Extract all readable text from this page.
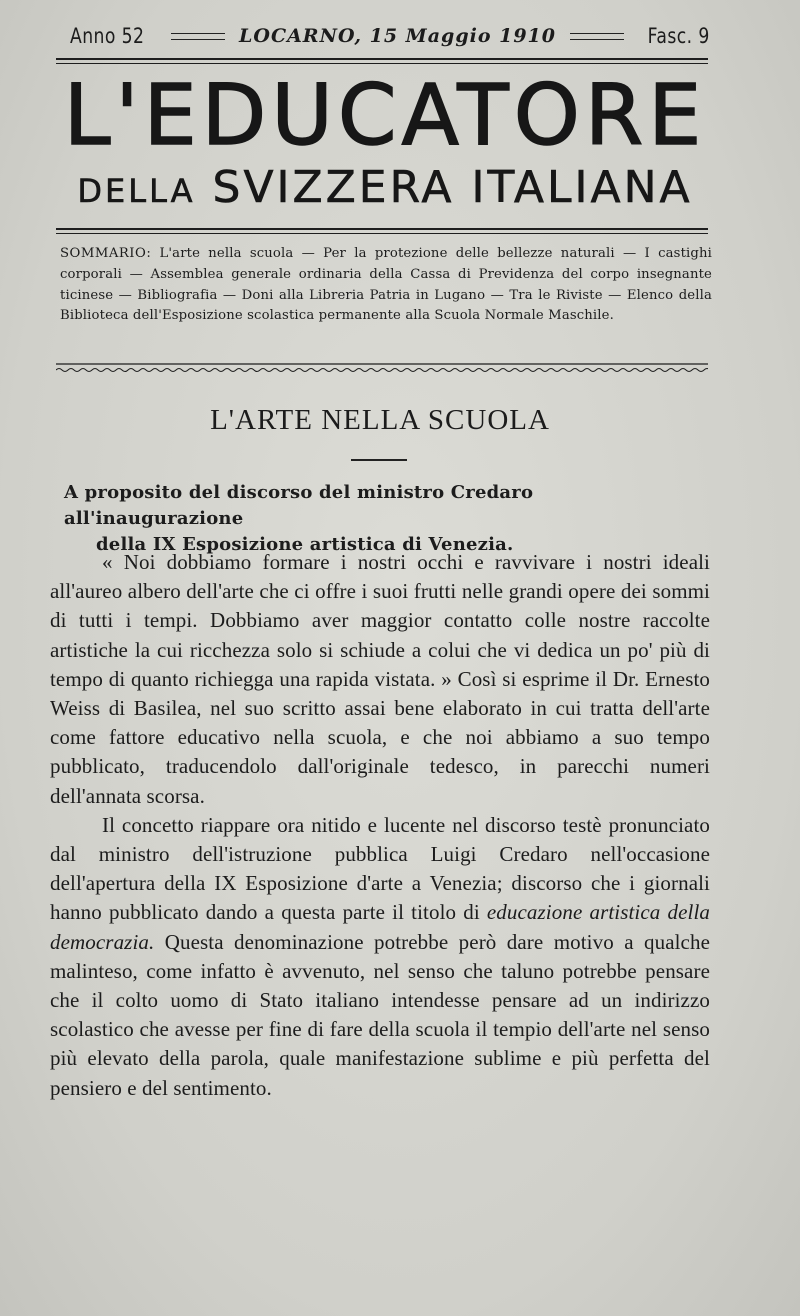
Anno 52	LOCARNO, 15 Maggio 1910	Fasc. 9
L'EDUCATORE
DELLA SVIZZERA ITALIANA
SOMMARIO: L'arte nella scuola — Per la protezione delle bellezze naturali — I castighi corporali — Assemblea generale ordinaria della Cassa di Previdenza del corpo insegnante ticinese — Bibliografia — Doni alla Libreria Patria in Lugano — Tra le Riviste — Elenco della Biblioteca dell'Esposizione scolastica permanente alla Scuola Normale Maschile.
L'ARTE NELLA SCUOLA
A proposito del discorso del ministro Credaro all'inaugurazione
della IX Esposizione artistica di Venezia.

« Noi dobbiamo formare i nostri occhi e ravvivare i nostri ideali all'aureo albero dell'arte che ci offre i suoi frutti nelle grandi opere dei sommi di tutti i tempi. Dobbiamo aver maggior contatto colle nostre raccolte artistiche la cui ricchezza solo si schiude a colui che vi dedica un po' più di tempo di quanto richiegga una rapida vistata. » Così si esprime il Dr. Ernesto Weiss di Basilea, nel suo scritto assai bene elaborato in cui tratta dell'arte come fattore educativo nella scuola, e che noi abbiamo a suo tempo pubblicato, traducendolo dall'originale tedesco, in parecchi numeri dell'annata scorsa.

Il concetto riappare ora nitido e lucente nel discorso testè pronunciato dal ministro dell'istruzione pubblica Luigi Credaro nell'occasione dell'apertura della IX Esposizione d'arte a Venezia; discorso che i giornali hanno pubblicato dando a questa parte il titolo di educazione artistica della democrazia. Questa denominazione potrebbe però dare motivo a qualche malinteso, come infatto è avvenuto, nel senso che taluno potrebbe pensare che il colto uomo di Stato italiano intendesse pensare ad un indirizzo scolastico che avesse per fine di fare della scuola il tempio dell'arte nel senso più elevato della parola, quale manifestazione sublime e più perfetta del pensiero e del sentimento.
